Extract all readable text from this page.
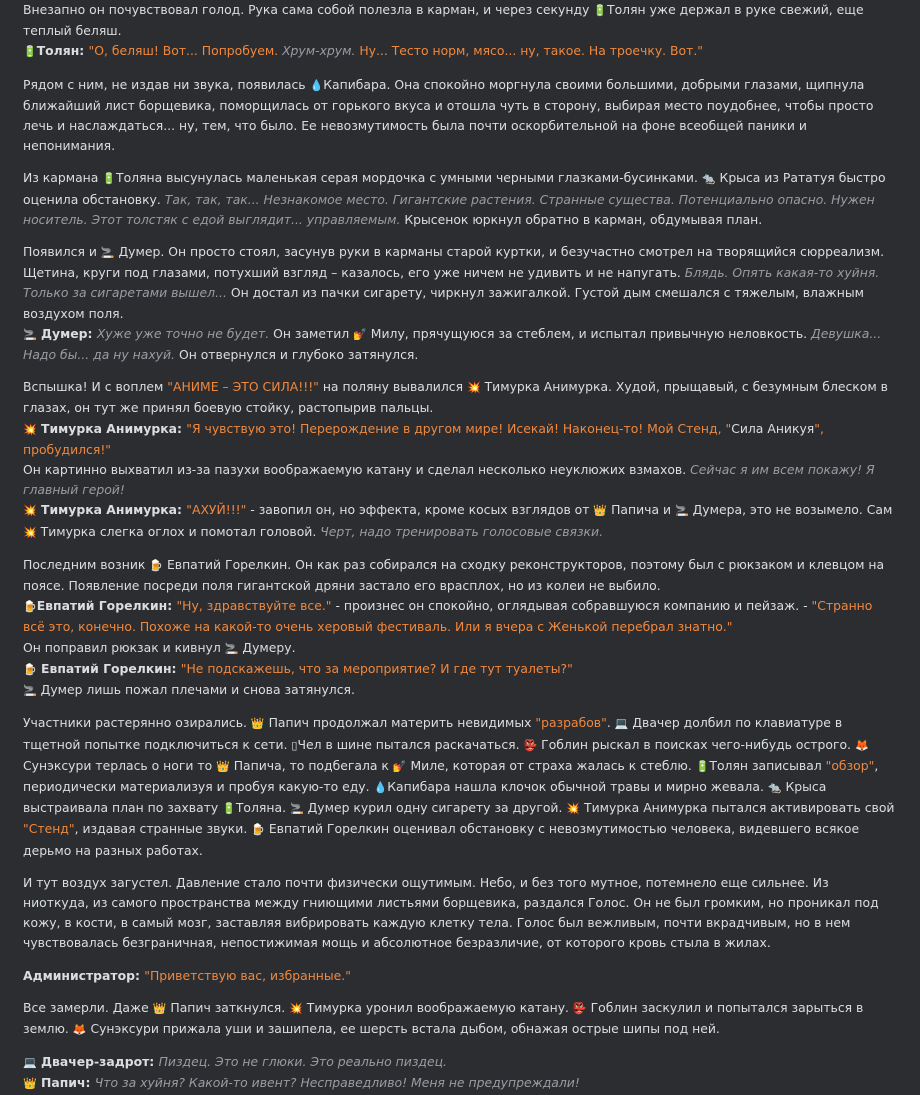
Внезапно он почувствовал голод. Рука сама собой полезла в карман, и через секунду 🔋Толян уже держал в руке свежий, еще теплый беляш.
🔋Толян: "О, беляш! Вот... Попробуем. Хрум-хрум. Ну... Тесто норм, мясо... ну, такое. На троечку. Вот."
Рядом с ним, не издав ни звука, появилась 💧Капибара. Она спокойно моргнула своими большими, добрыми глазами, щипнула ближайший лист борщевика, поморщилась от горького вкуса и отошла чуть в сторону, выбирая место поудобнее, чтобы просто лечь и наслаждаться... ну, тем, что было. Ее невозмутимость была почти оскорбительной на фоне всеобщей паники и непонимания.
Из кармана 🔋Толяна высунулась маленькая серая мордочка с умными черными глазками-бусинками. 🐀 Крыса из Рататуя быстро оценила обстановку. Так, так, так... Незнакомое место. Гигантские растения. Странные существа. Потенциально опасно. Нужен носитель. Этот толстяк с едой выглядит... управляемым. Крысенок юркнул обратно в карман, обдумывая план.
Появился и 🚬 Думер. Он просто стоял, засунув руки в карманы старой куртки, и безучастно смотрел на творящийся сюрреализм. Щетина, круги под глазами, потухший взгляд – казалось, его уже ничем не удивить и не напугать. Блядь. Опять какая-то хуйня. Только за сигаретами вышел... Он достал из пачки сигарету, чиркнул зажигалкой. Густой дым смешался с тяжелым, влажным воздухом поля.
🚬 Думер: Хуже уже точно не будет. Он заметил 💅 Милу, прячущуюся за стеблем, и испытал привычную неловкость. Девушка... Надо бы... да ну нахуй. Он отвернулся и глубоко затянулся.
Вспышка! И с воплем "АНИМЕ – ЭТО СИЛА!!!" на поляну вывалился 💥 Тимурка Анимурка. Худой, прыщавый, с безумным блеском в глазах, он тут же принял боевую стойку, растопырив пальцы.
💥 Тимурка Анимурка: "Я чувствую это! Перерождение в другом мире! Исекай! Наконец-то! Мой Стенд, "Сила Аникуя", пробудился!"
Он картинно выхватил из-за пазухи воображаемую катану и сделал несколько неуклюжих взмахов. Сейчас я им всем покажу! Я главный герой!
💥 Тимурка Анимурка: "АХУЙ!!!" - завопил он, но эффекта, кроме косых взглядов от 👑 Папича и 🚬 Думера, это не возымело. Сам 💥 Тимурка слегка оглох и помотал головой. Черт, надо тренировать голосовые связки.
Последним возник 🍺 Евпатий Горелкин. Он как раз собирался на сходку реконструкторов, поэтому был с рюкзаком и клевцом на поясе. Появление посреди поля гигантской дряни застало его врасплох, но из колеи не выбило.
🍺Евпатий Горелкин: "Ну, здравствуйте все." - произнес он спокойно, оглядывая собравшуюся компанию и пейзаж. - "Странно всё это, конечно. Похоже на какой-то очень херовый фестиваль. Или я вчера с Женькой перебрал знатно."
Он поправил рюкзак и кивнул 🚬 Думеру.
🍺 Евпатий Горелкин: "Не подскажешь, что за мероприятие? И где тут туалеты?"
🚬 Думер лишь пожал плечами и снова затянулся.
Участники растерянно озирались. 👑 Папич продолжал материть невидимых "разрабов". 💻 Двачер долбил по клавиатуре в тщетной попытке подключиться к сети. ▯Чел в шине пытался раскачаться. 👺 Гоблин рыскал в поисках чего-нибудь острого. 🦊 Сунэксури терлась о ноги то 👑 Папича, то подбегала к 💅 Миле, которая от страха жалась к стеблю. 🔋Толян записывал "обзор", периодически материализуя и пробуя какую-то еду. 💧Капибара нашла клочок обычной травы и мирно жевала. 🐀 Крыса выстраивала план по захвату 🔋Толяна. 🚬 Думер курил одну сигарету за другой. 💥 Тимурка Анимурка пытался активировать свой "Стенд", издавая странные звуки. 🍺 Евпатий Горелкин оценивал обстановку с невозмутимостью человека, видевшего всякое дерьмо на разных работах.
И тут воздух загустел. Давление стало почти физически ощутимым. Небо, и без того мутное, потемнело еще сильнее. Из ниоткуда, из самого пространства между гниющими листьями борщевика, раздался Голос. Он не был громким, но проникал под кожу, в кости, в самый мозг, заставляя вибрировать каждую клетку тела. Голос был вежливым, почти вкрадчивым, но в нем чувствовалась безграничная, непостижимая мощь и абсолютное безразличие, от которого кровь стыла в жилах.
Администратор: "Приветствую вас, избранные."
Все замерли. Даже 👑 Папич заткнулся. 💥 Тимурка уронил воображаемую катану. 👺 Гоблин заскулил и попытался зарыться в землю. 🦊 Сунэксури прижала уши и зашипела, ее шерсть встала дыбом, обнажая острые шипы под ней.
💻 Двачер-задрот: Пиздец. Это не глюки. Это реально пиздец.
👑 Папич: Что за хуйня? Какой-то ивент? Несправедливо! Меня не предупреждали!
